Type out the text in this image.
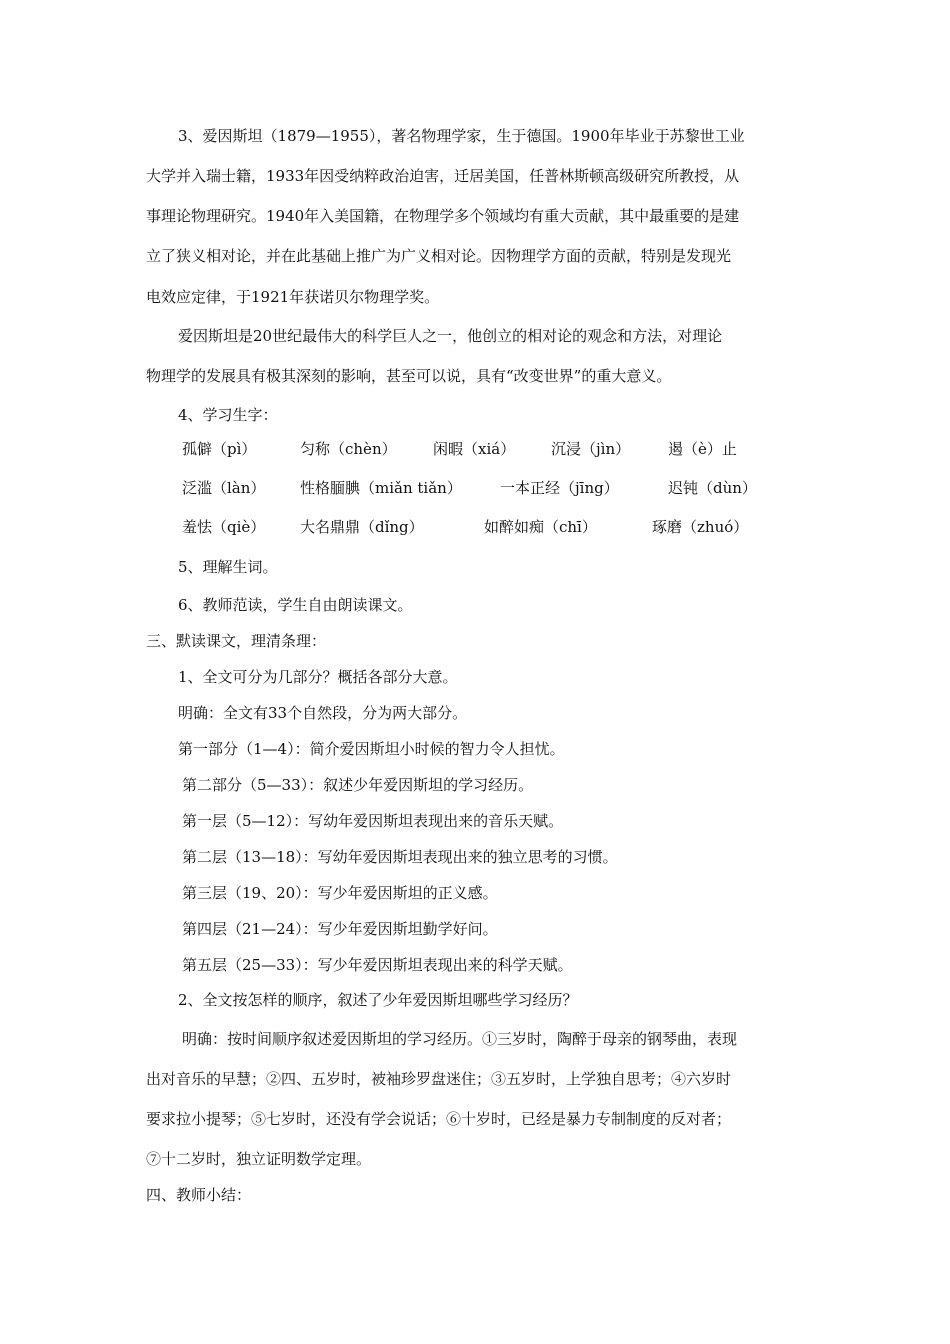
3、爱因斯坦（1879—1955），著名物理学家，生于德国。1900年毕业于苏黎世工业
大学并入瑞士籍，1933年因受纳粹政治迫害，迁居美国，任普林斯顿高级研究所教授，从
事理论物理研究。1940年入美国籍，在物理学多个领域均有重大贡献，其中最重要的是建
立了狭义相对论，并在此基础上推广为广义相对论。因物理学方面的贡献，特别是发现光
电效应定律，于1921年获诺贝尔物理学奖。
爱因斯坦是20世纪最伟大的科学巨人之一，他创立的相对论的观念和方法，对理论
物理学的发展具有极其深刻的影响，甚至可以说，具有“改变世界”的重大意义。
4、学习生字：
孤僻（pì）	匀称（chèn） 闲暇（xiá） 沉浸（jìn）	遏（è）止
泛滥（làn） 性格腼腆（miǎn tiǎn）	一本正经（jīng）	迟钝（dùn）
羞怯（qiè） 大名鼎鼎（dǐng）	如醉如痴（chī）	琢磨（zhuó）
5、理解生词。
6、教师范读，学生自由朗读课文。
三、默读课文，理清条理：
1、全文可分为几部分？概括各部分大意。
明确：全文有33个自然段，分为两大部分。
第一部分（1—4）：简介爱因斯坦小时候的智力令人担忧。
第二部分（5—33）：叙述少年爱因斯坦的学习经历。
第一层（5—12）：写幼年爱因斯坦表现出来的音乐天赋。
第二层（13—18）：写幼年爱因斯坦表现出来的独立思考的习惯。
第三层（19、20）：写少年爱因斯坦的正义感。
第四层（21—24）：写少年爱因斯坦勤学好问。
第五层（25—33）：写少年爱因斯坦表现出来的科学天赋。
2、全文按怎样的顺序，叙述了少年爱因斯坦哪些学习经历？
明确：按时间顺序叙述爱因斯坦的学习经历。①三岁时，陶醉于母亲的钢琴曲，表现
出对音乐的早慧；②四、五岁时，被袖珍罗盘迷住；③五岁时，上学独自思考；④六岁时
要求拉小提琴；⑤七岁时，还没有学会说话；⑥十岁时，已经是暴力专制制度的反对者；
⑦十二岁时，独立证明数学定理。
四、教师小结：
